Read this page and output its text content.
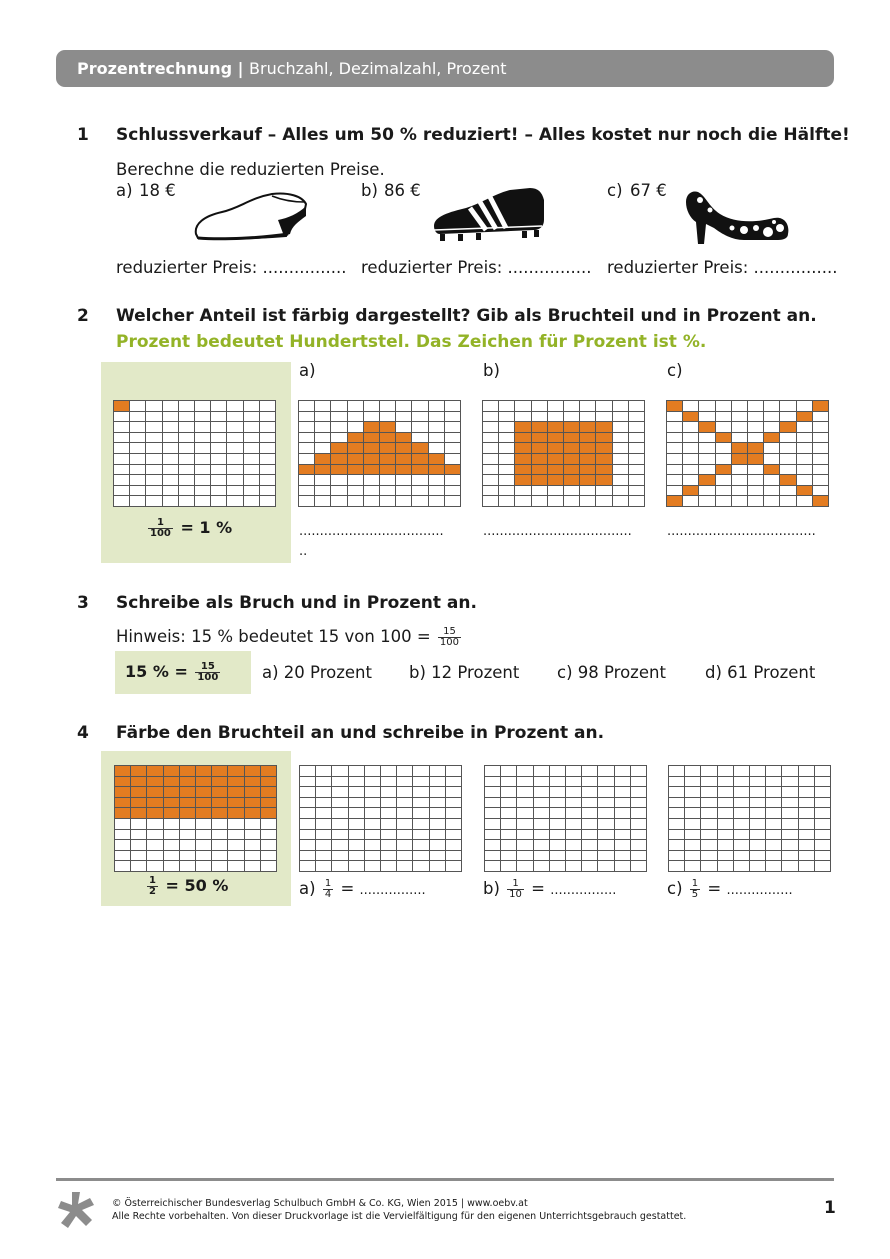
Prozentrechnung | Bruchzahl, Dezimalzahl, Prozent
1 Schlussverkauf – Alles um 50 % reduziert! – Alles kostet nur noch die Hälfte!
Berechne die reduzierten Preise.
a) 18 €	b) 86 €	c) 67 €
reduzierter Preis: ................ reduzierter Preis: ................ reduzierter Preis: ................
2 Welcher Anteil ist färbig dargestellt? Gib als Bruchteil und in Prozent an.
Prozent bedeutet Hundertstel. Das Zeichen für Prozent ist %.
$\frac{1}{100} = 1$ %
a)	b)	c)
...................................
..
....................................	....................................
3 Schreibe als Bruch und in Prozent an.
Hinweis: 15 % bedeutet 15 von $100 = \frac{15}{100}$
15 % = $\frac{15}{100}$	a) 20 Prozent b) 12 Prozent c) 98 Prozent d) 61 Prozent
4 Färbe den Bruchteil an und schreibe in Prozent an.
$\frac{1}{2} = 50$ %	$a) \frac{1}{4}$ = ................	$b) \frac{1}{10}$ = ................	$c) \frac{1}{5}$ = ................
© Österreichischer Bundesverlag Schulbuch GmbH & Co. KG, Wien 2015 | www.oebv.at
Alle Rechte vorbehalten. Von dieser Druckvorlage ist die Vervielfältigung für den eigenen Unterrichtsgebrauch gestattet.	1
